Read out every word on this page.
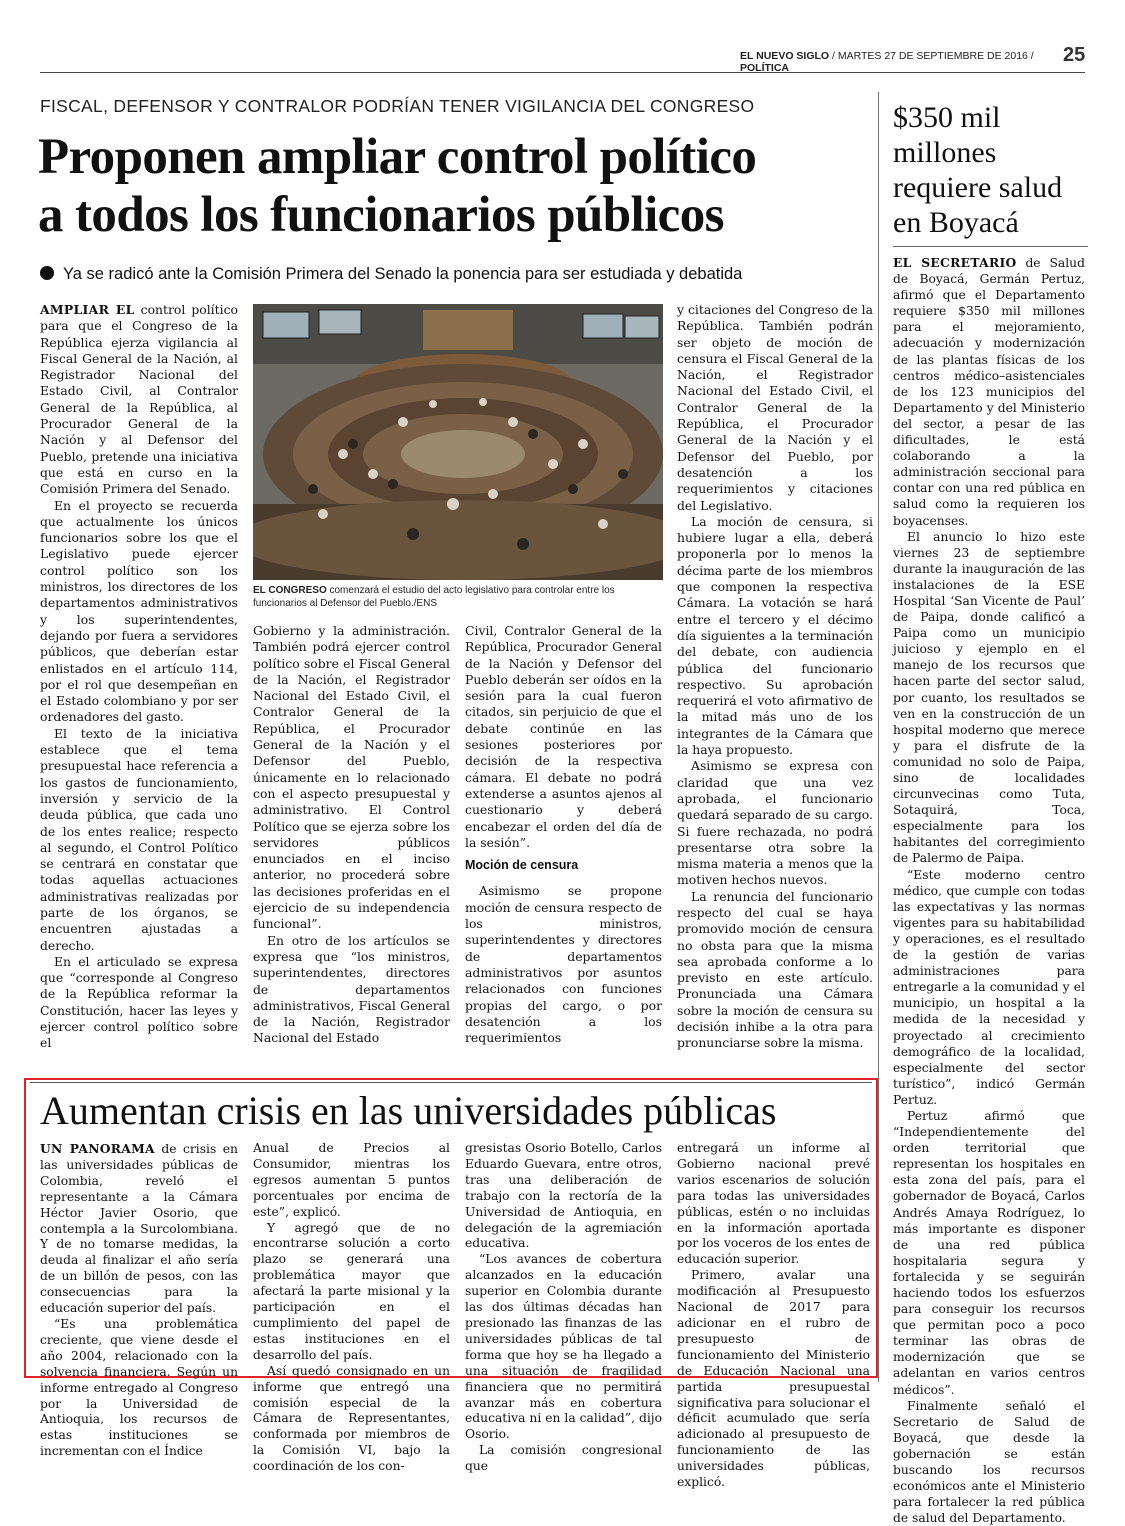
EL NUEVO SIGLO / MARTES 27 DE SEPTIEMBRE DE 2016 / POLÍTICA
25
FISCAL, DEFENSOR Y CONTRALOR PODRÍAN TENER VIGILANCIA DEL CONGRESO
Proponen ampliar control político
a todos los funcionarios públicos
Ya se radicó ante la Comisión Primera del Senado la ponencia para ser estudiada y debatida

AMPLIAR EL control político para que el Congreso de la República ejerza vigilancia al Fiscal General de la Nación, al Registrador Nacional del Estado Civil, al Contralor General de la República, al Procurador General de la Nación y al Defensor del Pueblo, pretende una iniciativa que está en curso en la Comisión Primera del Senado.

En el proyecto se recuerda que actualmente los únicos funcionarios sobre los que el Legislativo puede ejercer control político son los ministros, los directores de los departamentos administrativos y los superintendentes, dejando por fuera a servidores públicos, que deberían estar enlistados en el artículo 114, por el rol que desempeñan en el Estado colombiano y por ser ordenadores del gasto.

El texto de la iniciativa establece que el tema presupuestal hace referencia a los gastos de funcionamiento, inversión y servicio de la deuda pública, que cada uno de los entes realice; respecto al segundo, el Control Político se centrará en constatar que todas aquellas actuaciones administrativas realizadas por parte de los órganos, se encuentren ajustadas a derecho.

En el articulado se expresa que “corresponde al Congreso de la República reformar la Constitución, hacer las leyes y ejercer control político sobre el

EL CONGRESO comenzará el estudio del acto legislativo para controlar entre los funcionarios al Defensor del Pueblo./ENS

Gobierno y la administración. También podrá ejercer control político sobre el Fiscal General de la Nación, el Registrador Nacional del Estado Civil, el Contralor General de la República, el Procurador General de la Nación y el Defensor del Pueblo, únicamente en lo relacionado con el aspecto presupuestal y administrativo. El Control Político que se ejerza sobre los servidores públicos enunciados en el inciso anterior, no procederá sobre las decisiones proferidas en el ejercicio de su independencia funcional”.

En otro de los artículos se expresa que “los ministros, superintendentes, directores de departamentos administrativos, Fiscal General de la Nación, Registrador Nacional del Estado

Civil, Contralor General de la República, Procurador General de la Nación y Defensor del Pueblo deberán ser oídos en la sesión para la cual fueron citados, sin perjuicio de que el debate continúe en las sesiones posteriores por decisión de la respectiva cámara. El debate no podrá extenderse a asuntos ajenos al cuestionario y deberá encabezar el orden del día de la sesión”.

Moción de censura

Asimismo se propone moción de censura respecto de los ministros, superintendentes y directores de departamentos administrativos por asuntos relacionados con funciones propias del cargo, o por desatención a los requerimientos

y citaciones del Congreso de la República. También podrán ser objeto de moción de censura el Fiscal General de la Nación, el Registrador Nacional del Estado Civil, el Contralor General de la República, el Procurador General de la Nación y el Defensor del Pueblo, por desatención a los requerimientos y citaciones del Legislativo.

La moción de censura, si hubiere lugar a ella, deberá proponerla por lo menos la décima parte de los miembros que componen la respectiva Cámara. La votación se hará entre el tercero y el décimo día siguientes a la terminación del debate, con audiencia pública del funcionario respectivo. Su aprobación requerirá el voto afirmativo de la mitad más uno de los integrantes de la Cámara que la haya propuesto.

Asimismo se expresa con claridad que una vez aprobada, el funcionario quedará separado de su cargo. Si fuere rechazada, no podrá presentarse otra sobre la misma materia a menos que la motiven hechos nuevos.

La renuncia del funcionario respecto del cual se haya promovido moción de censura no obsta para que la misma sea aprobada conforme a lo previsto en este artículo. Pronunciada una Cámara sobre la moción de censura su decisión inhibe a la otra para pronunciarse sobre la misma.

$350 mil millones requiere salud en Boyacá

EL SECRETARIO de Salud de Boyacá, Germán Pertuz, afirmó que el Departamento requiere $350 mil millones para el mejoramiento, adecuación y modernización de las plantas físicas de los centros médico–asistenciales de los 123 municipios del Departamento y del Ministerio del sector, a pesar de las dificultades, le está colaborando a la administración seccional para contar con una red pública en salud como la requieren los boyacenses.

El anuncio lo hizo este viernes 23 de septiembre durante la inauguración de las instalaciones de la ESE Hospital ‘San Vicente de Paul’ de Paipa, donde calificó a Paipa como un municipio juicioso y ejemplo en el manejo de los recursos que hacen parte del sector salud, por cuanto, los resultados se ven en la construcción de un hospital moderno que merece y para el disfrute de la comunidad no solo de Paipa, sino de localidades circunvecinas como Tuta, Sotaquirá, Toca, especialmente para los habitantes del corregimiento de Palermo de Paipa.

“Este moderno centro médico, que cumple con todas las expectativas y las normas vigentes para su habitabilidad y operaciones, es el resultado de la gestión de varias administraciones para entregarle a la comunidad y el municipio, un hospital a la medida de la necesidad y proyectado al crecimiento demográfico de la localidad, especialmente del sector turístico”, indicó Germán Pertuz.

Pertuz afirmó que “Independientemente del orden territorial que representan los hospitales en esta zona del país, para el gobernador de Boyacá, Carlos Andrés Amaya Rodríguez, lo más importante es disponer de una red pública hospitalaria segura y fortalecida y se seguirán haciendo todos los esfuerzos para conseguir los recursos que permitan poco a poco terminar las obras de modernización que se adelantan en varios centros médicos”.

Finalmente señaló el Secretario de Salud de Boyacá, que desde la gobernación se están buscando los recursos económicos ante el Ministerio para fortalecer la red pública de salud del Departamento.

Aumentan crisis en las universidades públicas

UN PANORAMA de crisis en las universidades públicas de Colombia, reveló el representante a la Cámara Héctor Javier Osorio, que contempla a la Surcolombiana. Y de no tomarse medidas, la deuda al finalizar el año sería de un billón de pesos, con las consecuencias para la educación superior del país.

“Es una problemática creciente, que viene desde el año 2004, relacionado con la solvencia financiera. Según un informe entregado al Congreso por la Universidad de Antioquia, los recursos de estas instituciones se incrementan con el Índice

Anual de Precios al Consumidor, mientras los egresos aumentan 5 puntos porcentuales por encima de este”, explicó.

Y agregó que de no encontrarse solución a corto plazo se generará una problemática mayor que afectará la parte misional y la participación en el cumplimiento del papel de estas instituciones en el desarrollo del país.

Así quedó consignado en un informe que entregó una comisión especial de la Cámara de Representantes, conformada por miembros de la Comisión VI, bajo la coordinación de los con-

gresistas Osorio Botello, Carlos Eduardo Guevara, entre otros, tras una deliberación de trabajo con la rectoría de la Universidad de Antioquia, en delegación de la agremiación educativa.

“Los avances de cobertura alcanzados en la educación superior en Colombia durante las dos últimas décadas han presionado las finanzas de las universidades públicas de tal forma que hoy se ha llegado a una situación de fragilidad financiera que no permitirá avanzar más en cobertura educativa ni en la calidad”, dijo Osorio.

La comisión congresional que

entregará un informe al Gobierno nacional prevé varios escenarios de solución para todas las universidades públicas, estén o no incluidas en la información aportada por los voceros de los entes de educación superior.

Primero, avalar una modificación al Presupuesto Nacional de 2017 para adicionar en el rubro de presupuesto de funcionamiento del Ministerio de Educación Nacional una partida presupuestal significativa para solucionar el déficit acumulado que sería adicionado al presupuesto de funcionamiento de las universidades públicas, explicó.
